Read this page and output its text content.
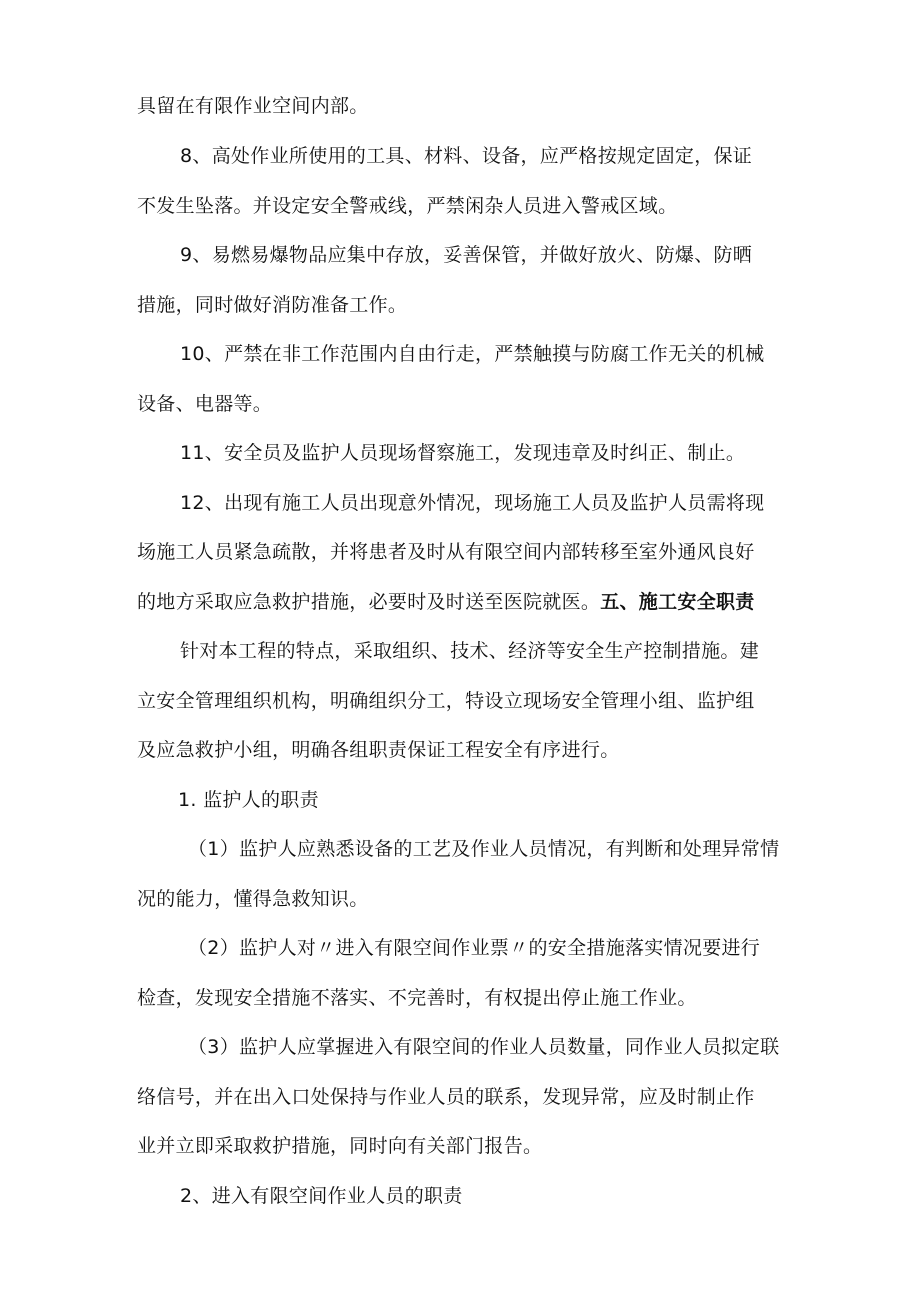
具留在有限作业空间内部。
8、高处作业所使用的工具、材料、设备，应严格按规定固定，保证
不发生坠落。并设定安全警戒线，严禁闲杂人员进入警戒区域。
9、易燃易爆物品应集中存放，妥善保管，并做好放火、防爆、防晒
措施，同时做好消防准备工作。
10、严禁在非工作范围内自由行走，严禁触摸与防腐工作无关的机械
设备、电器等。
11、安全员及监护人员现场督察施工，发现违章及时纠正、制止。
12、出现有施工人员出现意外情况，现场施工人员及监护人员需将现
场施工人员紧急疏散，并将患者及时从有限空间内部转移至室外通风良好
的地方采取应急救护措施，必要时及时送至医院就医。五、施工安全职责
针对本工程的特点，采取组织、技术、经济等安全生产控制措施。建
立安全管理组织机构，明确组织分工，特设立现场安全管理小组、监护组
及应急救护小组，明确各组职责保证工程安全有序进行。
1. 监护人的职责
（1）监护人应熟悉设备的工艺及作业人员情况，有判断和处理异常情
况的能力，懂得急救知识。
（2）监护人对〃进入有限空间作业票〃的安全措施落实情况要进行
检查，发现安全措施不落实、不完善时，有权提出停止施工作业。
（3）监护人应掌握进入有限空间的作业人员数量，同作业人员拟定联
络信号，并在出入口处保持与作业人员的联系，发现异常，应及时制止作
业并立即采取救护措施，同时向有关部门报告。
2、进入有限空间作业人员的职责
